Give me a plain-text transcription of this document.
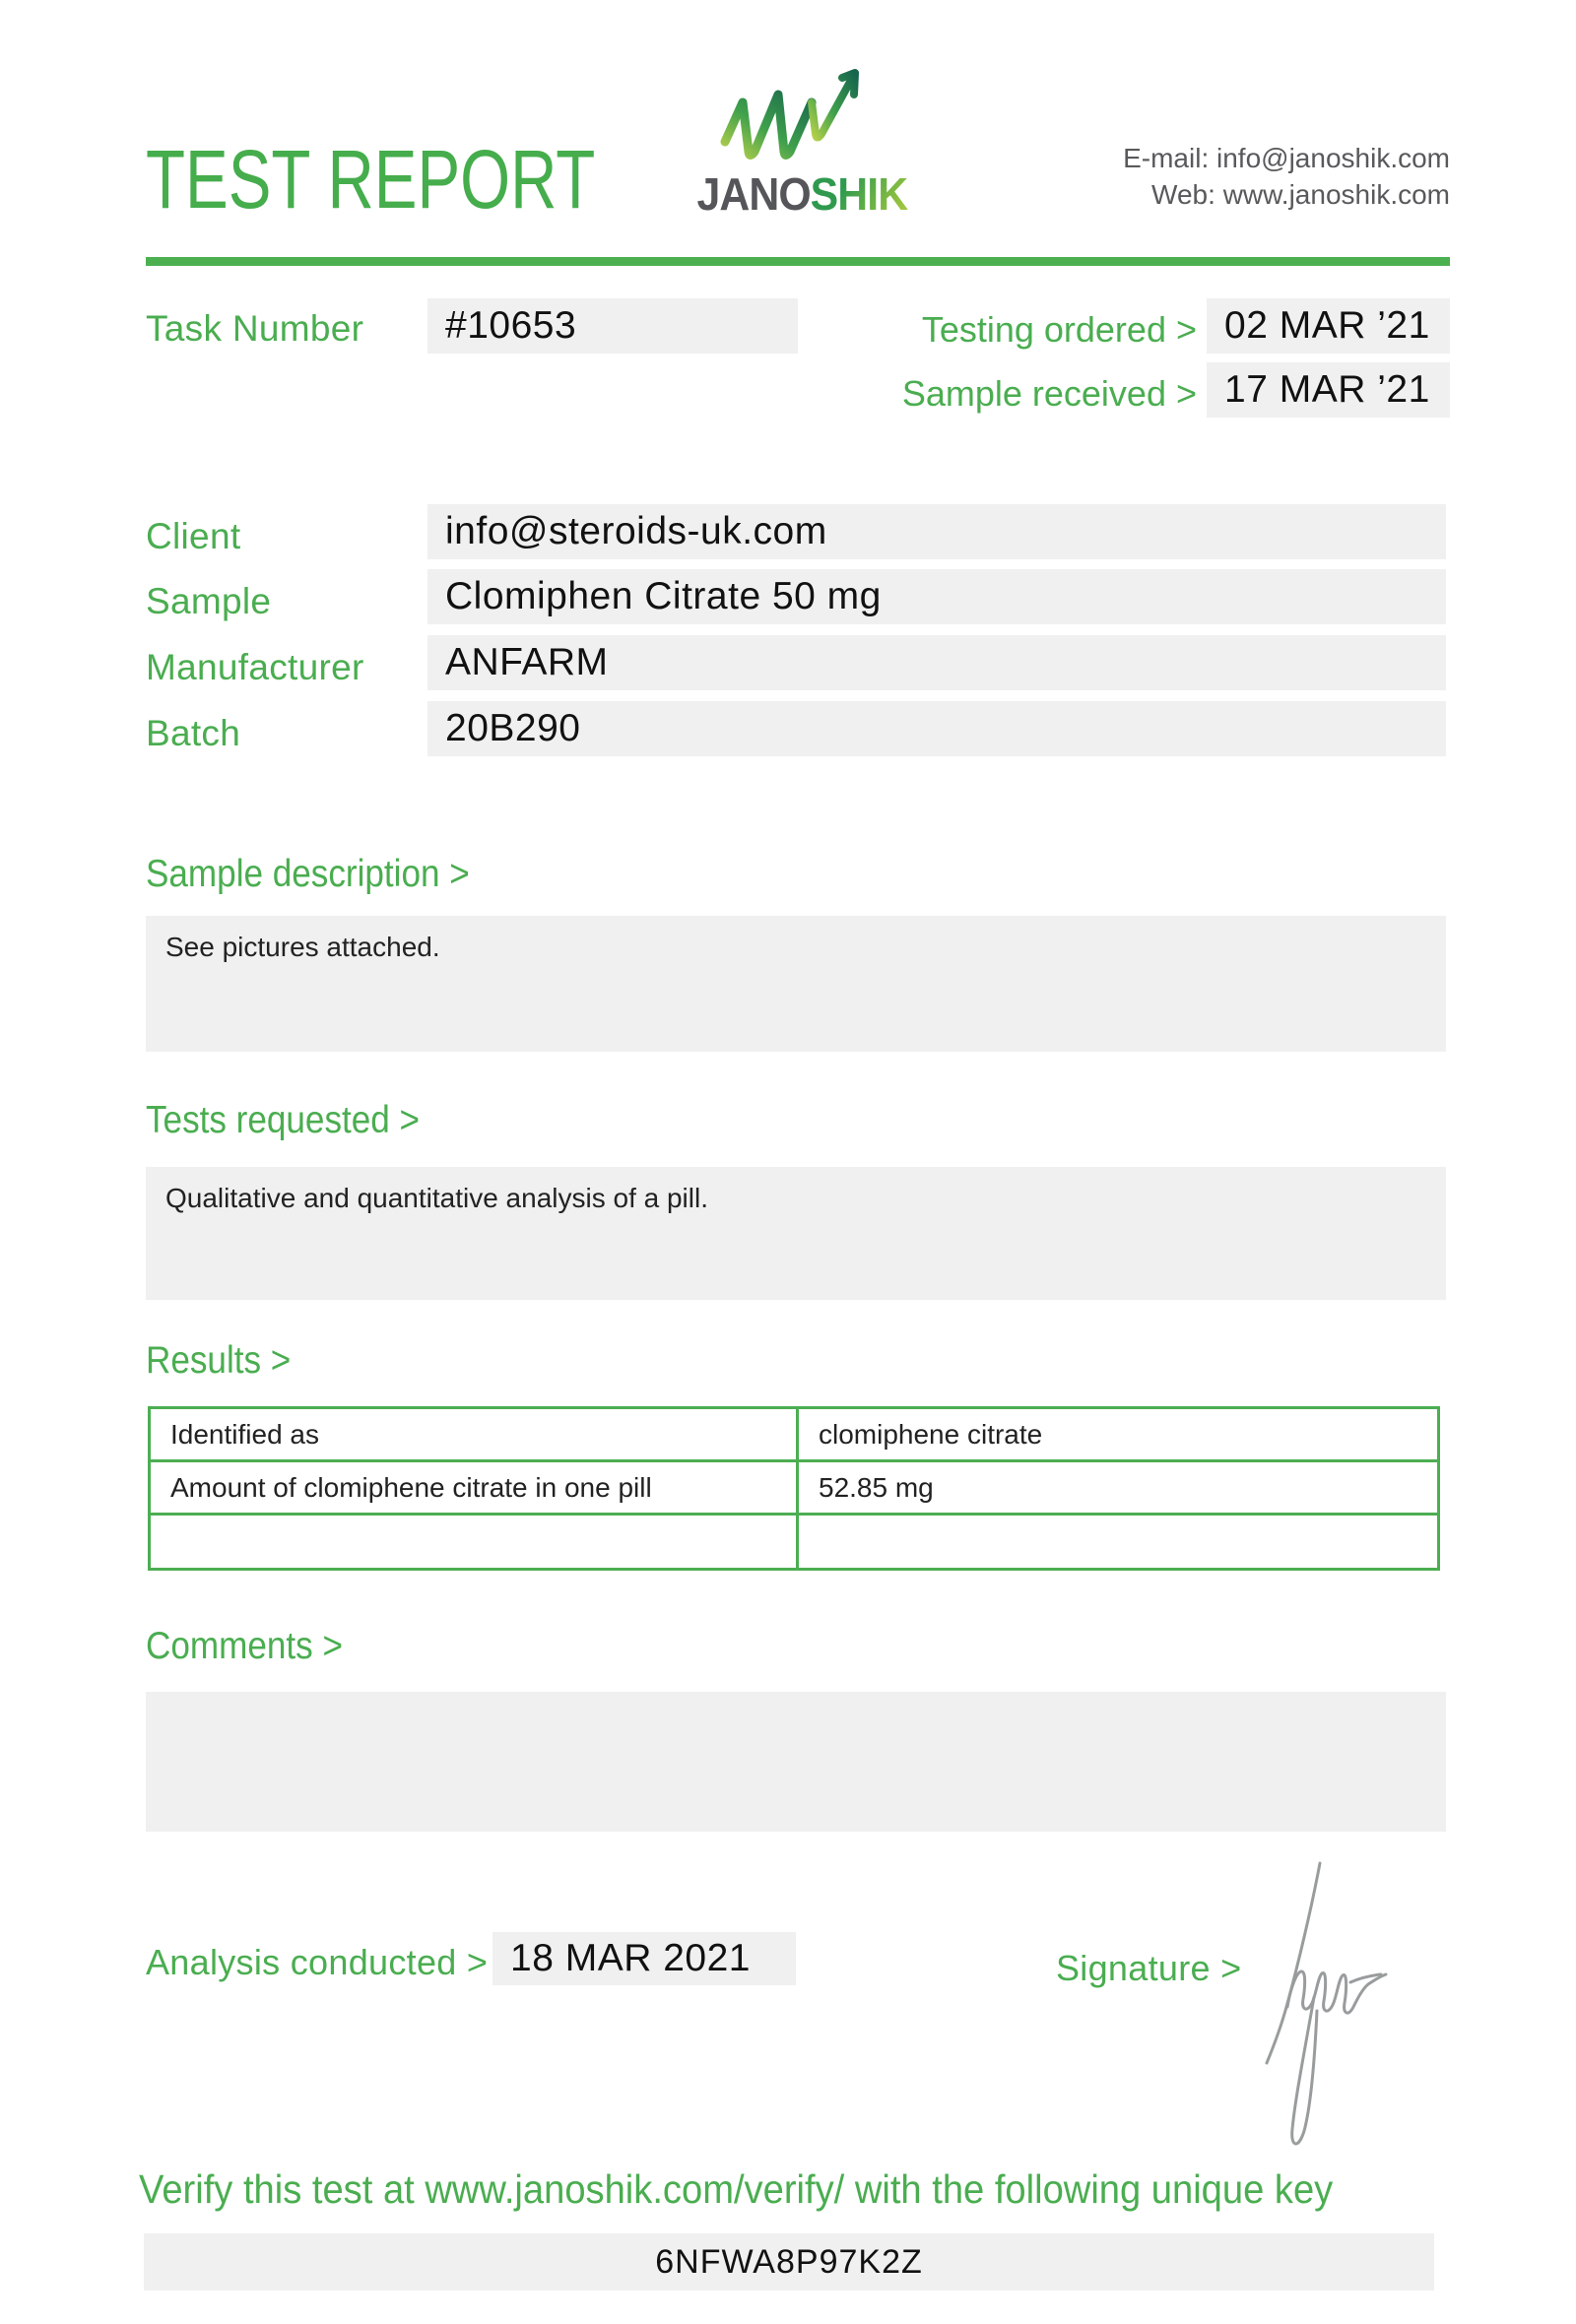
TEST REPORT JANOSHIK
E-mail: info@janoshik.com
Web: www.janoshik.com
Task Number	#10653	Testing ordered > 02 MAR ’21
Sample received > 17 MAR ’21
Client	info@steroids-uk.com
Sample	Clomiphen Citrate 50 mg
Manufacturer	ANFARM
Batch	20B290
Sample description >
See pictures attached.
Tests requested >
Qualitative and quantitative analysis of a pill.
Results >
Identified as	clomiphene citrate
Amount of clomiphene citrate in one pill	52.85 mg

Comments >
Analysis conducted > 18 MAR 2021	Signature >
Verify this test at www.janoshik.com/verify/ with the following unique key
6NFWA8P97K2Z
